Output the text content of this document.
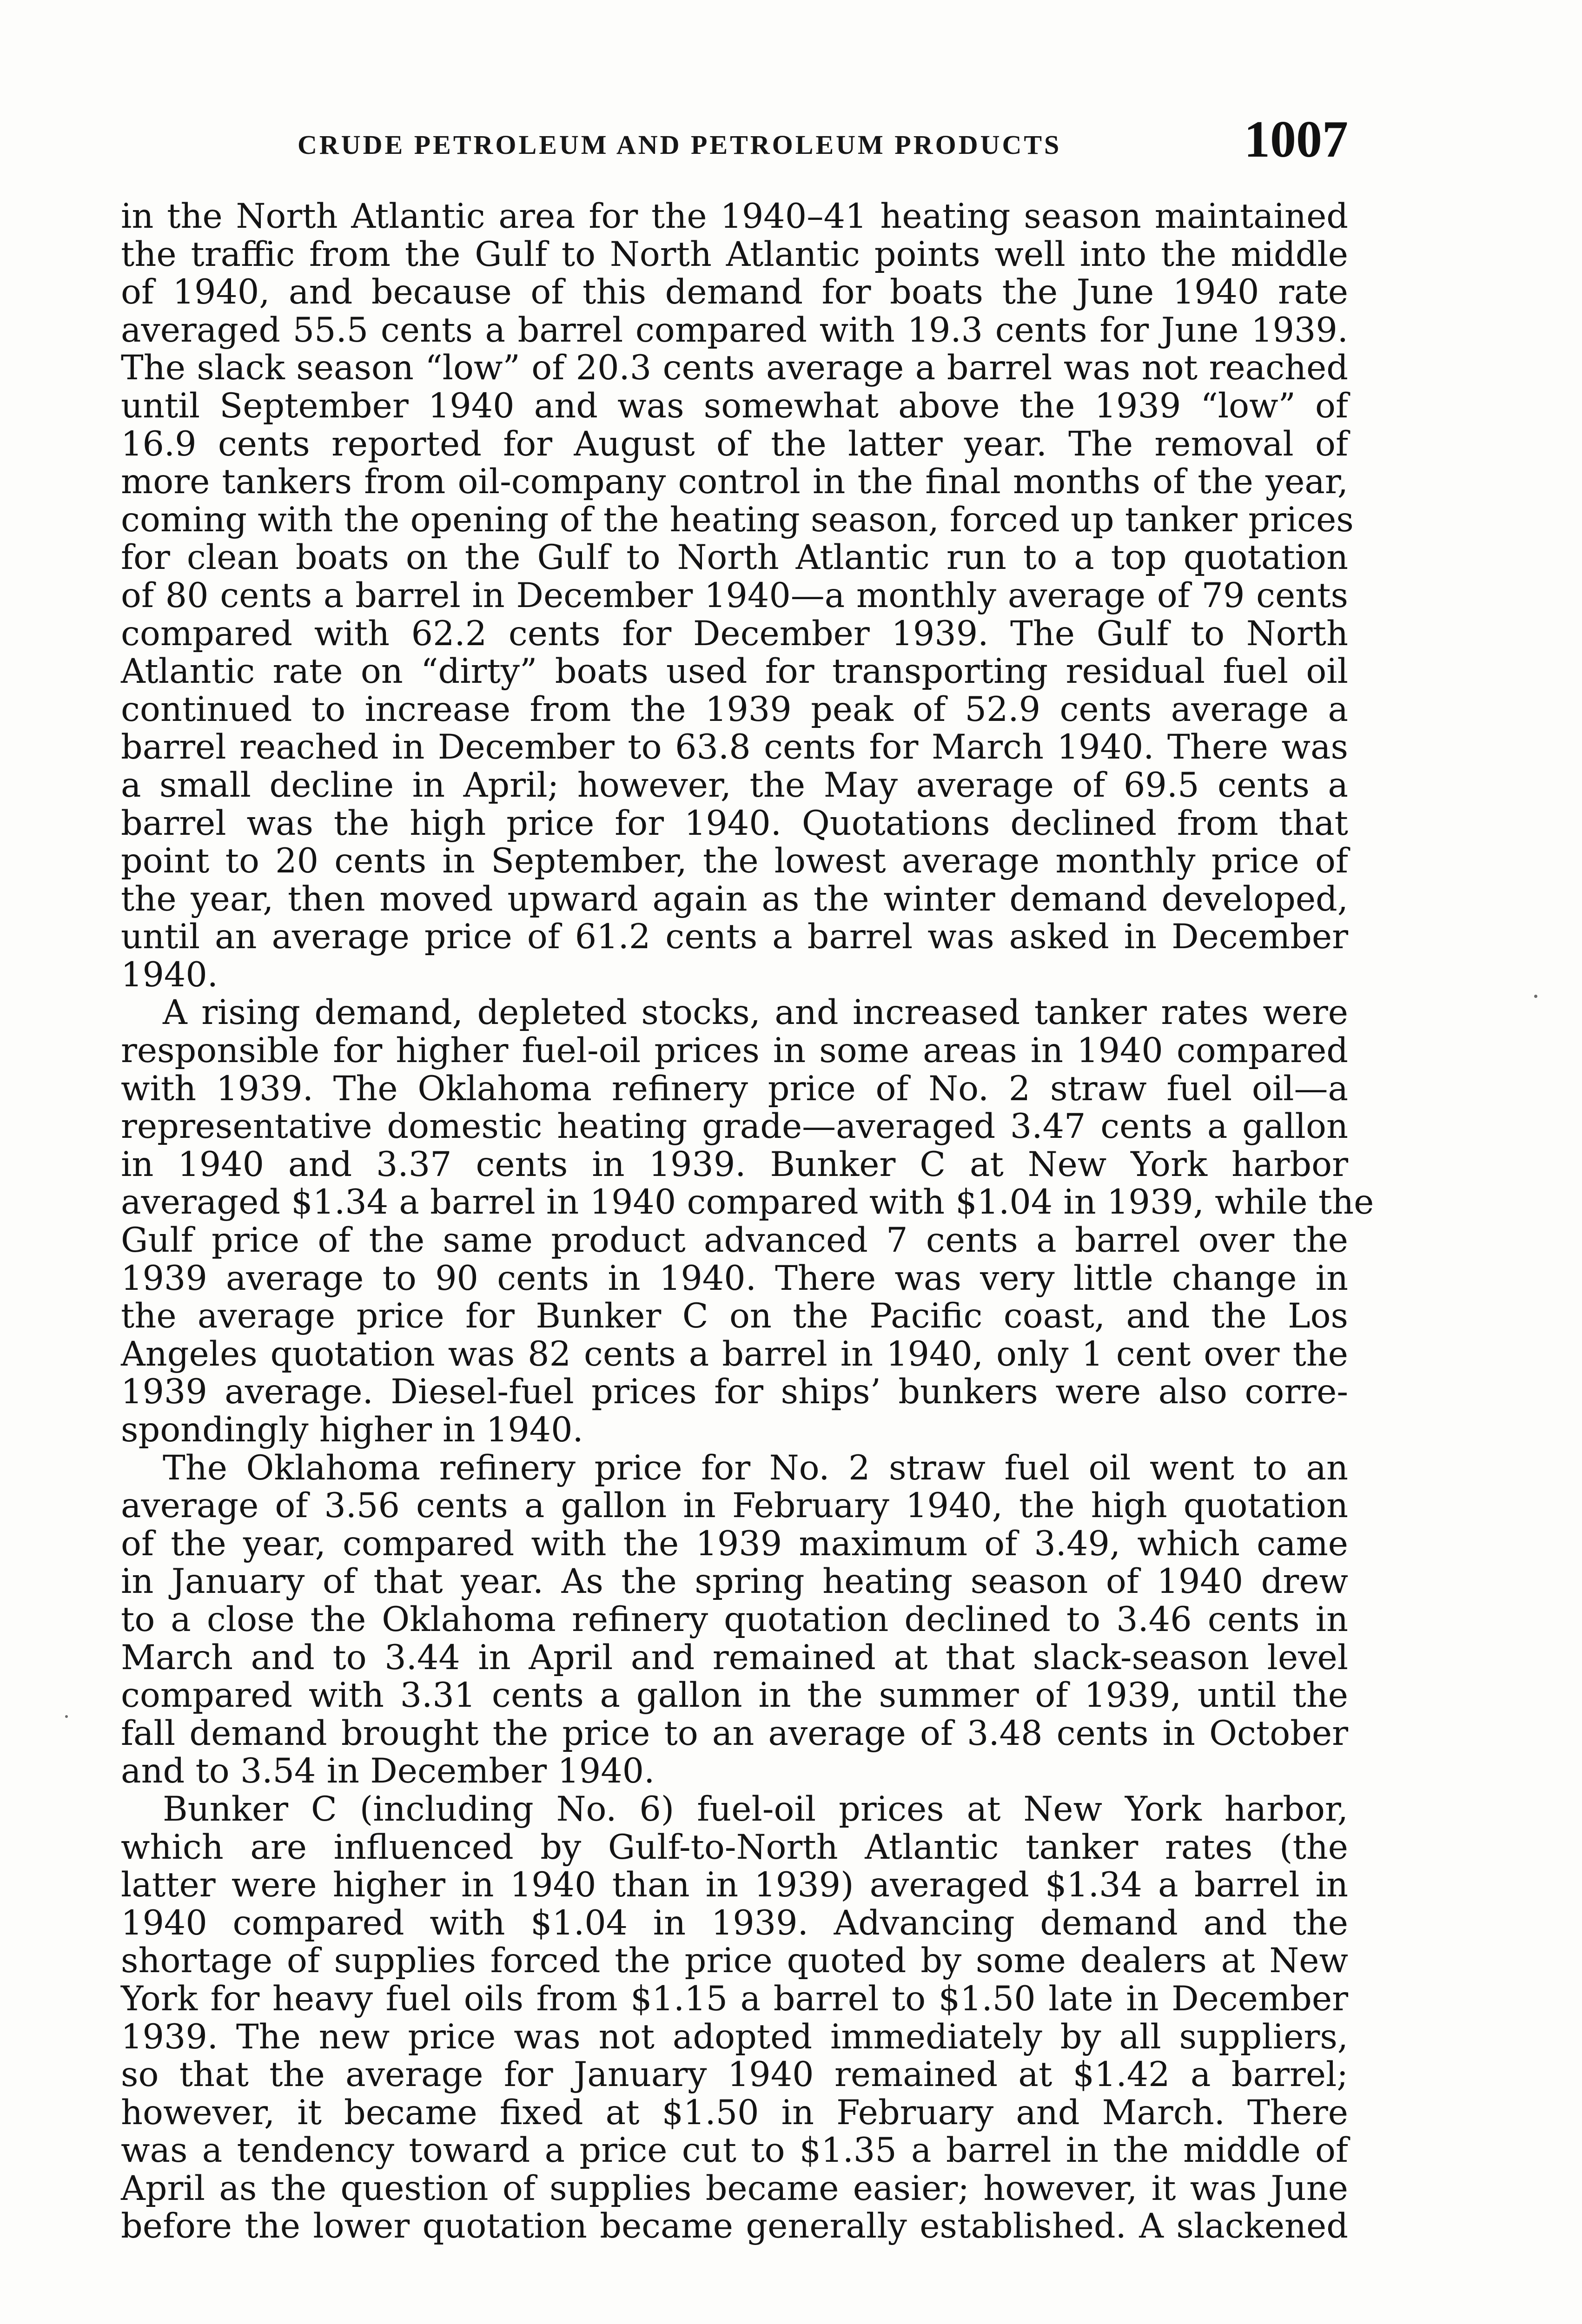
CRUDE PETROLEUM AND PETROLEUM PRODUCTS	1007
in the North Atlantic area for the 1940–41 heating season maintained
the traffic from the Gulf to North Atlantic points well into the middle
of 1940, and because of this demand for boats the June 1940 rate
averaged 55.5 cents a barrel compared with 19.3 cents for June 1939.
The slack season “low” of 20.3 cents average a barrel was not reached
until September 1940 and was somewhat above the 1939 “low” of
16.9 cents reported for August of the latter year. The removal of
more tankers from oil-company control in the final months of the year,
coming with the opening of the heating season, forced up tanker prices
for clean boats on the Gulf to North Atlantic run to a top quotation
of 80 cents a barrel in December 1940—a monthly average of 79 cents
compared with 62.2 cents for December 1939. The Gulf to North
Atlantic rate on “dirty” boats used for transporting residual fuel oil
continued to increase from the 1939 peak of 52.9 cents average a
barrel reached in December to 63.8 cents for March 1940. There was
a small decline in April; however, the May average of 69.5 cents a
barrel was the high price for 1940. Quotations declined from that
point to 20 cents in September, the lowest average monthly price of
the year, then moved upward again as the winter demand developed,
until an average price of 61.2 cents a barrel was asked in December
1940.
A rising demand, depleted stocks, and increased tanker rates were
responsible for higher fuel-oil prices in some areas in 1940 compared
with 1939. The Oklahoma refinery price of No. 2 straw fuel oil—a
representative domestic heating grade—averaged 3.47 cents a gallon
in 1940 and 3.37 cents in 1939. Bunker C at New York harbor
averaged $1.34 a barrel in 1940 compared with $1.04 in 1939, while the
Gulf price of the same product advanced 7 cents a barrel over the
1939 average to 90 cents in 1940. There was very little change in
the average price for Bunker C on the Pacific coast, and the Los
Angeles quotation was 82 cents a barrel in 1940, only 1 cent over the
1939 average. Diesel-fuel prices for ships’ bunkers were also corre-
spondingly higher in 1940.
The Oklahoma refinery price for No. 2 straw fuel oil went to an
average of 3.56 cents a gallon in February 1940, the high quotation
of the year, compared with the 1939 maximum of 3.49, which came
in January of that year. As the spring heating season of 1940 drew
to a close the Oklahoma refinery quotation declined to 3.46 cents in
March and to 3.44 in April and remained at that slack-season level
compared with 3.31 cents a gallon in the summer of 1939, until the
fall demand brought the price to an average of 3.48 cents in October
and to 3.54 in December 1940.
Bunker C (including No. 6) fuel-oil prices at New York harbor,
which are influenced by Gulf-to-North Atlantic tanker rates (the
latter were higher in 1940 than in 1939) averaged $1.34 a barrel in
1940 compared with $1.04 in 1939. Advancing demand and the
shortage of supplies forced the price quoted by some dealers at New
York for heavy fuel oils from $1.15 a barrel to $1.50 late in December
1939. The new price was not adopted immediately by all suppliers,
so that the average for January 1940 remained at $1.42 a barrel;
however, it became fixed at $1.50 in February and March. There
was a tendency toward a price cut to $1.35 a barrel in the middle of
April as the question of supplies became easier; however, it was June
before the lower quotation became generally established. A slackened
